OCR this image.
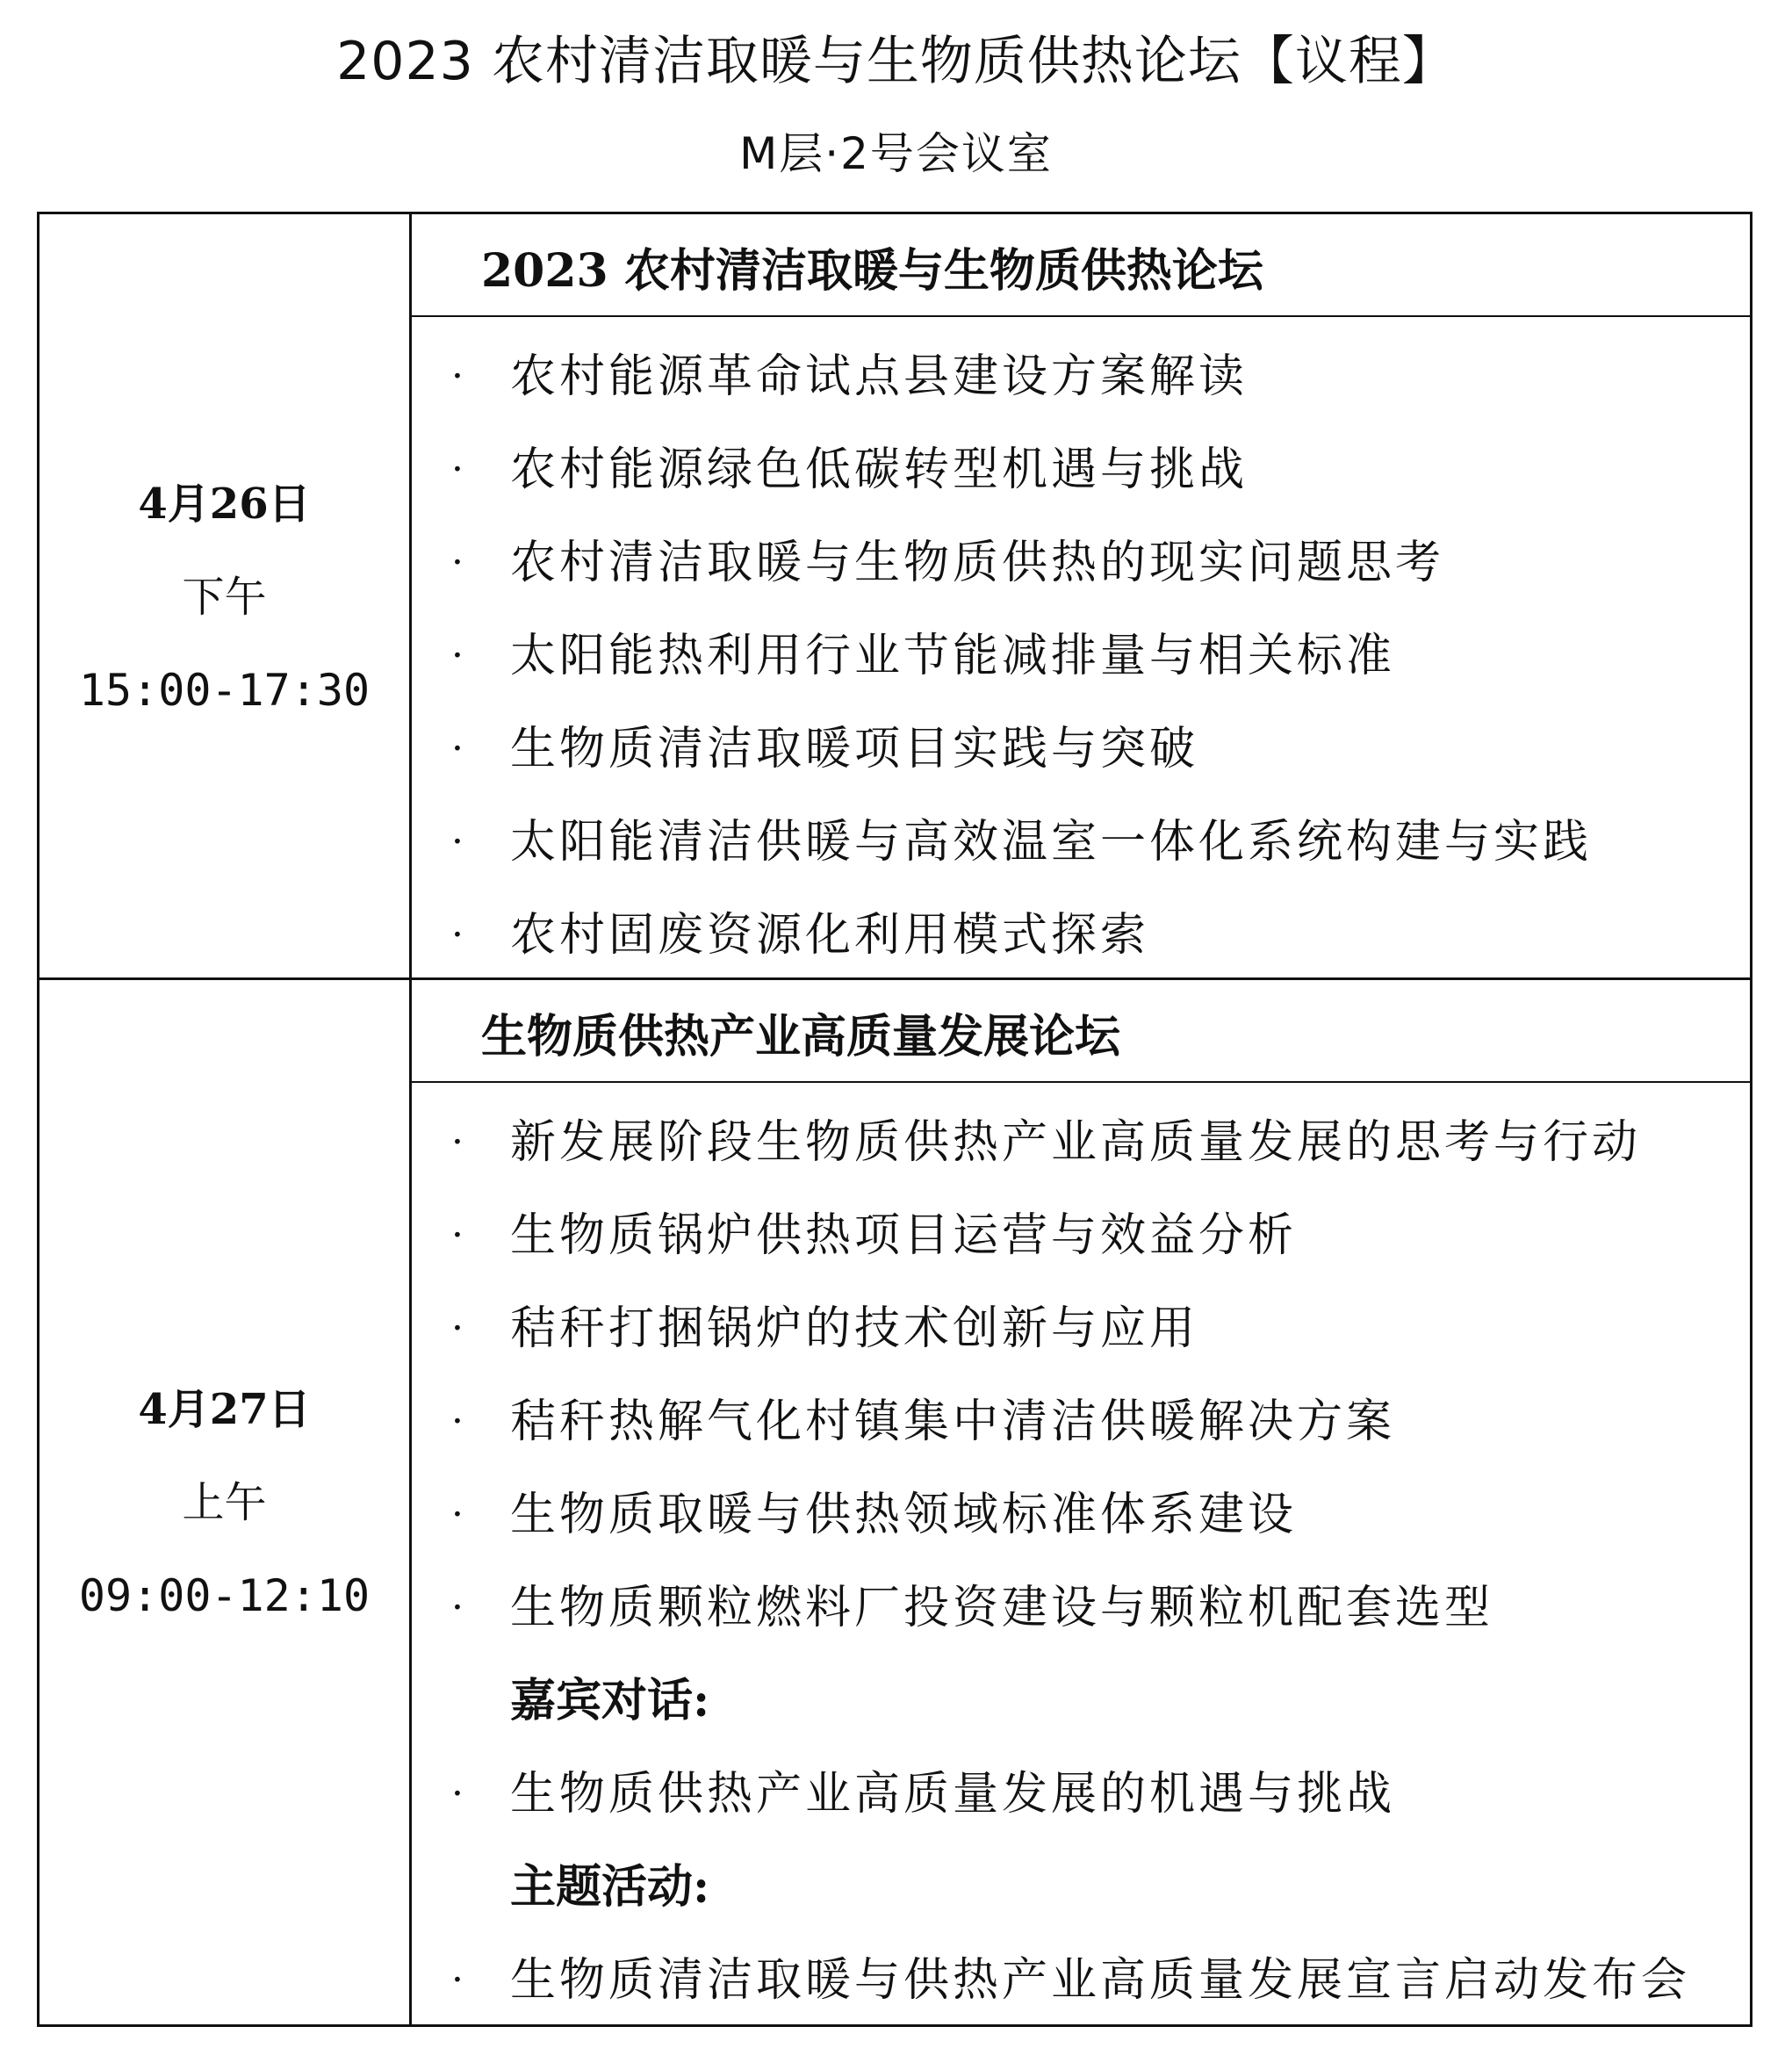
2023 农村清洁取暖与生物质供热论坛【议程】
M层·2号会议室
4月26日
下午
15:00-17:30
2023 农村清洁取暖与生物质供热论坛
· 农村能源革命试点县建设方案解读
· 农村能源绿色低碳转型机遇与挑战
· 农村清洁取暖与生物质供热的现实问题思考
· 太阳能热利用行业节能减排量与相关标准
· 生物质清洁取暖项目实践与突破
· 太阳能清洁供暖与高效温室一体化系统构建与实践
· 农村固废资源化利用模式探索
4月27日
上午
09:00-12:10
生物质供热产业高质量发展论坛
· 新发展阶段生物质供热产业高质量发展的思考与行动
· 生物质锅炉供热项目运营与效益分析
· 秸秆打捆锅炉的技术创新与应用
· 秸秆热解气化村镇集中清洁供暖解决方案
· 生物质取暖与供热领域标准体系建设
· 生物质颗粒燃料厂投资建设与颗粒机配套选型
嘉宾对话:
· 生物质供热产业高质量发展的机遇与挑战
主题活动:
· 生物质清洁取暖与供热产业高质量发展宣言启动发布会
